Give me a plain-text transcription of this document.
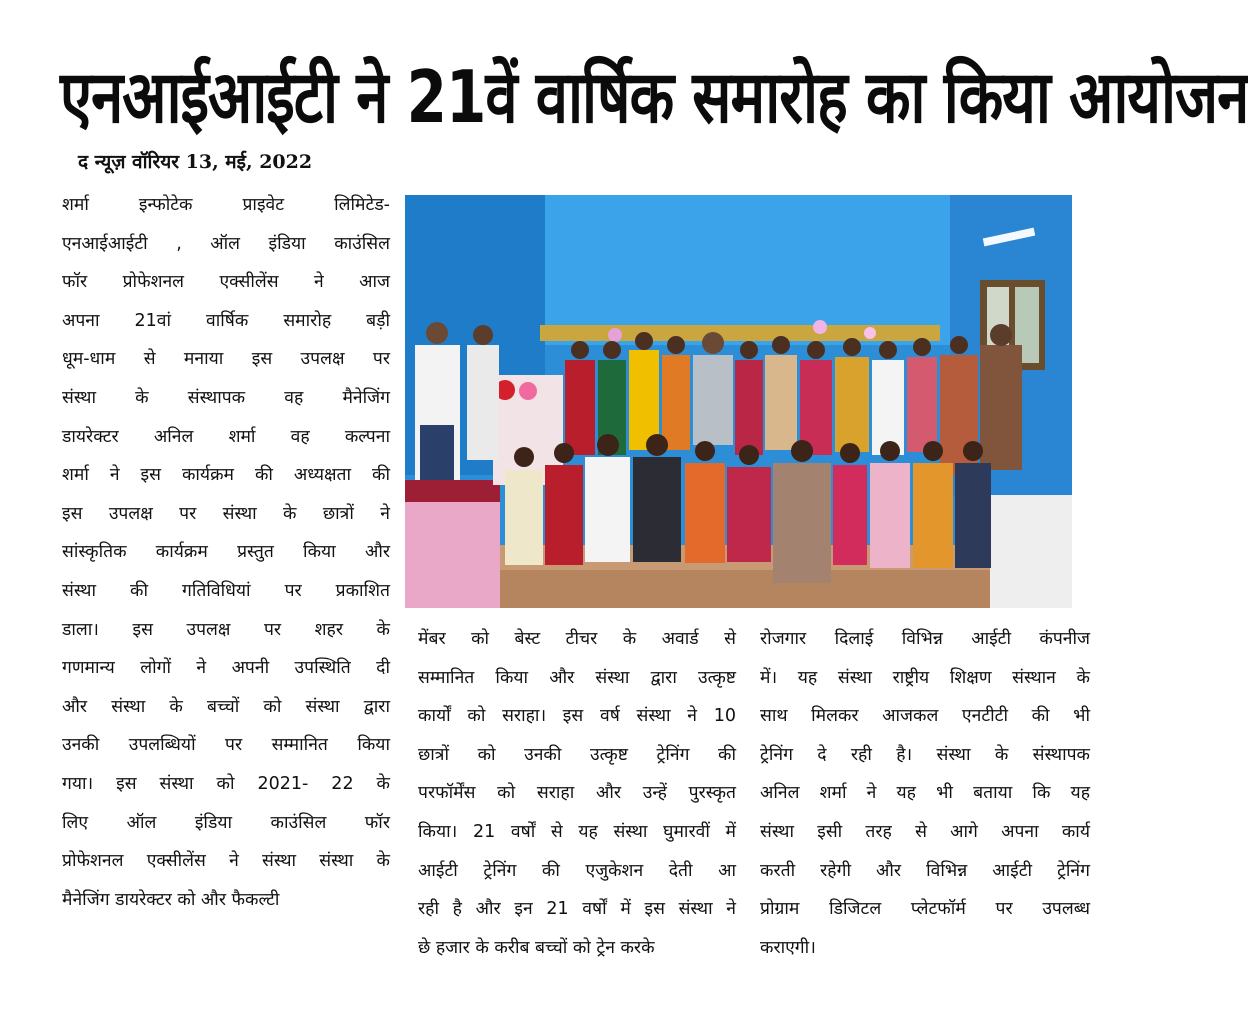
एनआईआईटी ने 21वें वार्षिक समारोह का किया आयोजन
द न्यूज़ वॉरियर 13, मई, 2022
शर्मा इन्फोटेक प्राइवेट लिमिटेड-
एनआईआईटी , ऑल इंडिया काउंसिल
फॉर प्रोफेशनल एक्सीलेंस ने आज
अपना 21वां वार्षिक समारोह बड़ी
धूम-धाम से मनाया इस उपलक्ष पर
संस्था के संस्थापक वह मैनेजिंग
डायरेक्टर अनिल शर्मा वह कल्पना
शर्मा ने इस कार्यक्रम की अध्यक्षता की
इस उपलक्ष पर संस्था के छात्रों ने
सांस्कृतिक कार्यक्रम प्रस्तुत किया और
संस्था की गतिविधियां पर प्रकाशित
डाला। इस उपलक्ष पर शहर के
गणमान्य लोगों ने अपनी उपस्थिति दी
और संस्था के बच्चों को संस्था द्वारा
उनकी उपलब्धियों पर सम्मानित किया
गया। इस संस्था को 2021- 22 के
लिए ऑल इंडिया काउंसिल फॉर
प्रोफेशनल एक्सीलेंस ने संस्था संस्था के
मैनेजिंग डायरेक्टर को और फैकल्टी
मेंबर को बेस्ट टीचर के अवार्ड से
सम्मानित किया और संस्था द्वारा उत्कृष्ट
कार्यों को सराहा। इस वर्ष संस्था ने 10
छात्रों को उनकी उत्कृष्ट ट्रेनिंग की
परफॉर्मेंस को सराहा और उन्हें पुरस्कृत
किया। 21 वर्षों से यह संस्था घुमारवीं में
आईटी ट्रेनिंग की एजुकेशन देती आ
रही है और इन 21 वर्षों में इस संस्था ने
छे हजार के करीब बच्चों को ट्रेन करके
रोजगार दिलाई विभिन्न आईटी कंपनीज
में। यह संस्था राष्ट्रीय शिक्षण संस्थान के
साथ मिलकर आजकल एनटीटी की भी
ट्रेनिंग दे रही है। संस्था के संस्थापक
अनिल शर्मा ने यह भी बताया कि यह
संस्था इसी तरह से आगे अपना कार्य
करती रहेगी और विभिन्न आईटी ट्रेनिंग
प्रोग्राम डिजिटल प्लेटफॉर्म पर उपलब्ध
कराएगी।
